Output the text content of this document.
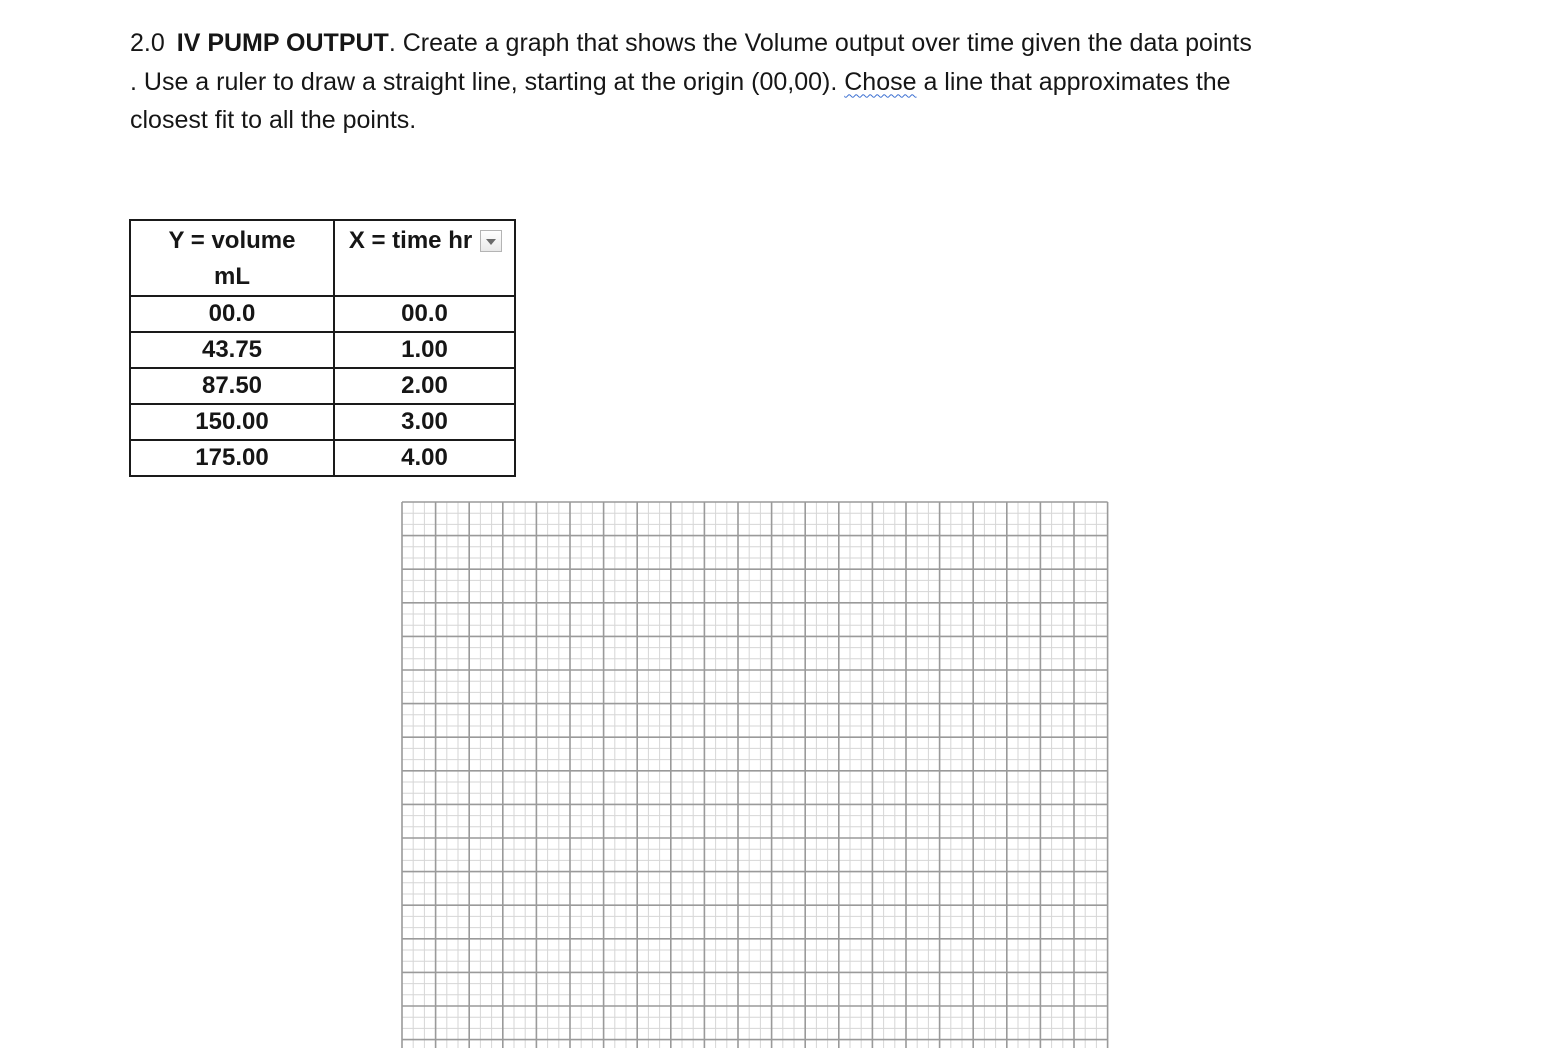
2.0 IV PUMP OUTPUT. Create a graph that shows the Volume output over time given the data points
. Use a ruler to draw a straight line, starting at the origin (00,00). Chose a line that approximates the
closest fit to all the points.
Y = volume
mL	X = time hr

00.0	00.0
43.75	1.00
87.50	2.00
150.00	3.00
175.00	4.00
